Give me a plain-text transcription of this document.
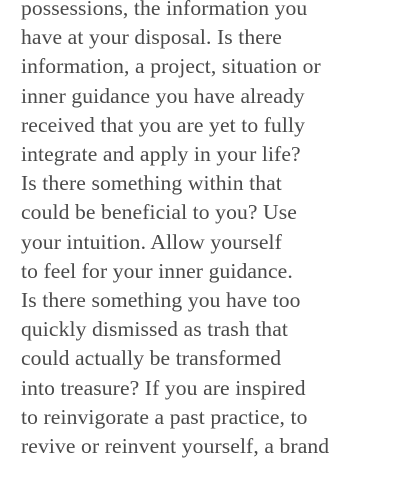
possessions, the information you
have at your disposal. Is there
information, a project, situation or
inner guidance you have already
received that you are yet to fully
integrate and apply in your life?
Is there something within that
could be beneficial to you? Use
your intuition. Allow yourself
to feel for your inner guidance.
Is there something you have too
quickly dismissed as trash that
could actually be transformed
into treasure? If you are inspired
to reinvigorate a past practice, to
revive or reinvent yourself, a brand
